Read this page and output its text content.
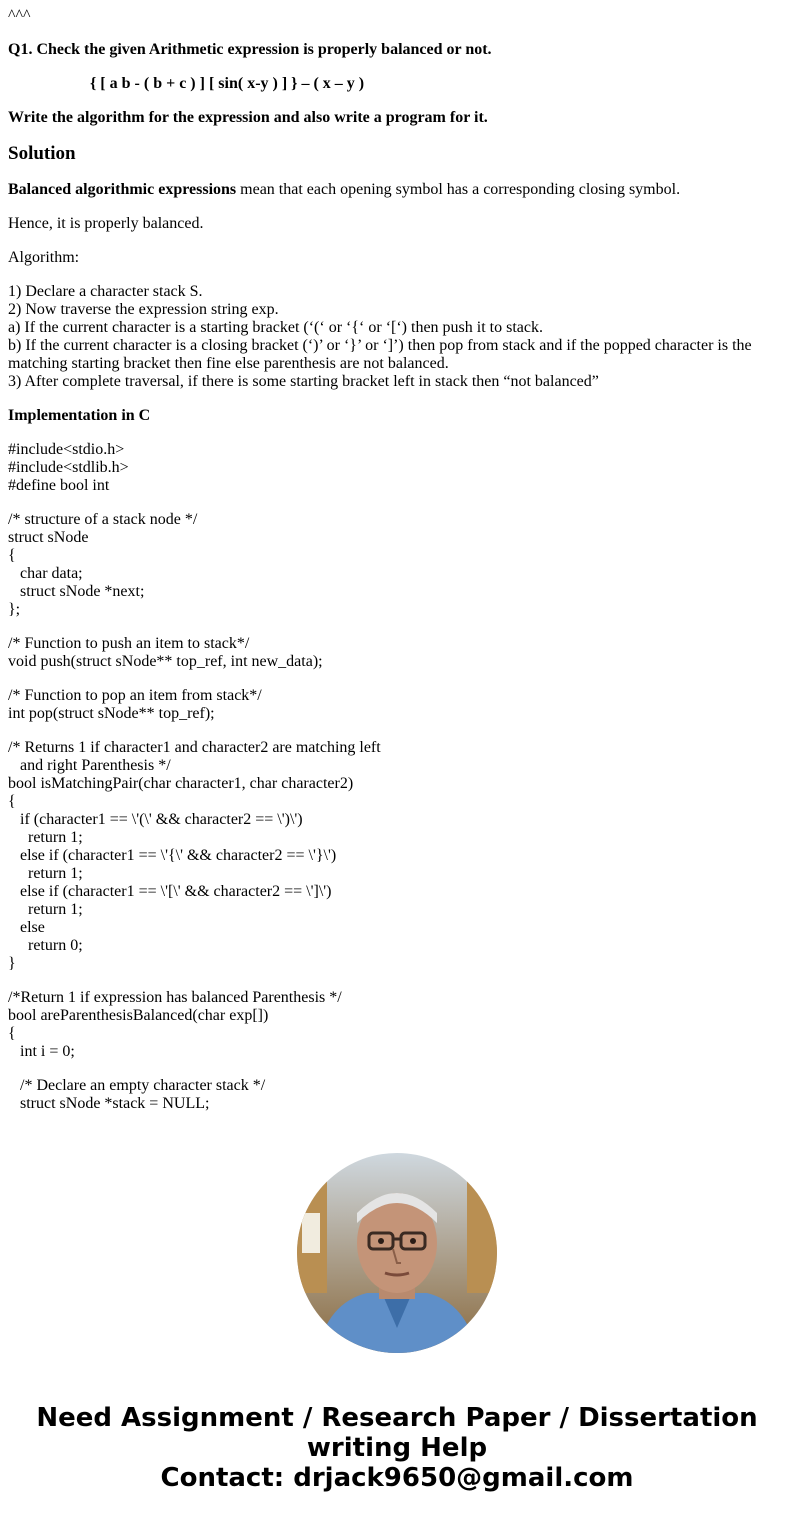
^^^

Q1. Check the given Arithmetic expression is properly balanced or not.

{ [ a b - ( b + c ) ] [ sin( x-y ) ] } – ( x – y )

Write the algorithm for the expression and also write a program for it.

Solution

Balanced algorithmic expressions mean that each opening symbol has a corresponding closing symbol.

Hence, it is properly balanced.

Algorithm:

1) Declare a character stack S.
2) Now traverse the expression string exp.
a) If the current character is a starting bracket (‘(‘ or ‘{‘ or ‘[‘) then push it to stack.
b) If the current character is a closing bracket (‘)’ or ‘}’ or ‘]’) then pop from stack and if the popped character is the matching starting bracket then fine else parenthesis are not balanced.
3) After complete traversal, if there is some starting bracket left in stack then “not balanced”

Implementation in C

#include<stdio.h>
#include<stdlib.h>
#define bool int
/* structure of a stack node */
struct sNode
{
char data;
struct sNode *next;
};
/* Function to push an item to stack*/
void push(struct sNode** top_ref, int new_data);
/* Function to pop an item from stack*/
int pop(struct sNode** top_ref);
/* Returns 1 if character1 and character2 are matching left
and right Parenthesis */
bool isMatchingPair(char character1, char character2)
{
if (character1 == \'(\' && character2 == \')\')
return 1;
else if (character1 == \'{\' && character2 == \'}\')
return 1;
else if (character1 == \'[\' && character2 == \']\')
return 1;
else
return 0;
}
/*Return 1 if expression has balanced Parenthesis */
bool areParenthesisBalanced(char exp[])
{
int i = 0;
/* Declare an empty character stack */
struct sNode *stack = NULL;
Need Assignment / Research Paper / Dissertation
writing Help
Contact: drjack9650@gmail.com
